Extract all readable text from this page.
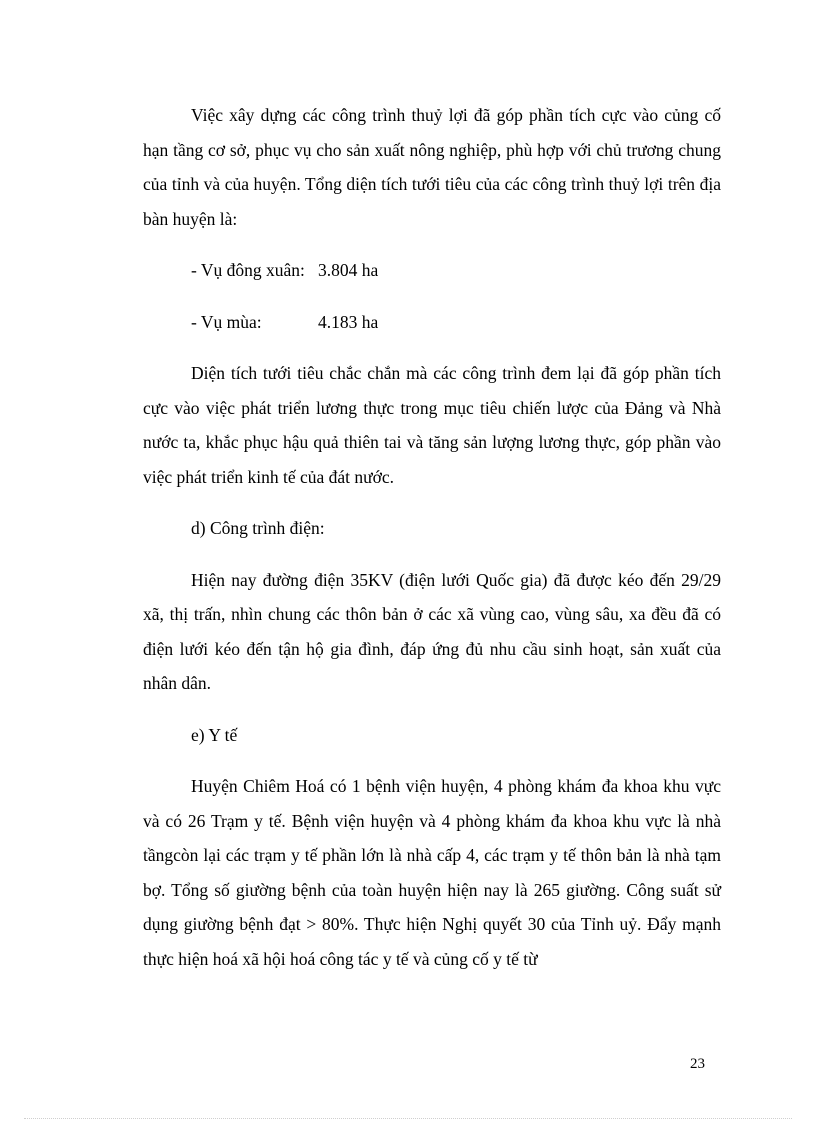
Việc xây dựng các công trình thuỷ lợi đã góp phần tích cực vào củng cố hạn tầng cơ sở, phục vụ cho sản xuất nông nghiệp, phù hợp với chủ trương chung của tỉnh và của huyện. Tổng diện tích tưới tiêu của các công trình thuỷ lợi trên địa bàn huyện là:

- Vụ đông xuân: 3.804 ha
- Vụ mùa:	4.183 ha

Diện tích tưới tiêu chắc chắn mà các công trình đem lại đã góp phần tích cực vào việc phát triển lương thực trong mục tiêu chiến lược của Đảng và Nhà nước ta, khắc phục hậu quả thiên tai và tăng sản lượng lương thực, góp phần vào việc phát triển kinh tế của đát nước.

d) Công trình điện:

Hiện nay đường điện 35KV (điện lưới Quốc gia) đã được kéo đến 29/29 xã, thị trấn, nhìn chung các thôn bản ở các xã vùng cao, vùng sâu, xa đều đã có điện lưới kéo đến tận hộ gia đình, đáp ứng đủ nhu cầu sinh hoạt, sản xuất của nhân dân.

e) Y tế

Huyện Chiêm Hoá có 1 bệnh viện huyện, 4 phòng khám đa khoa khu vực và có 26 Trạm y tế. Bệnh viện huyện và 4 phòng khám đa khoa khu vực là nhà tầngcòn lại các trạm y tế phần lớn là nhà cấp 4, các trạm y tế thôn bản là nhà tạm bợ. Tổng số giường bệnh của toàn huyện hiện nay là 265 giường. Công suất sử dụng giường bệnh đạt > 80%. Thực hiện Nghị quyết 30 của Tỉnh uỷ. Đẩy mạnh thực hiện hoá xã hội hoá công tác y tế và củng cố y tế từ

23
